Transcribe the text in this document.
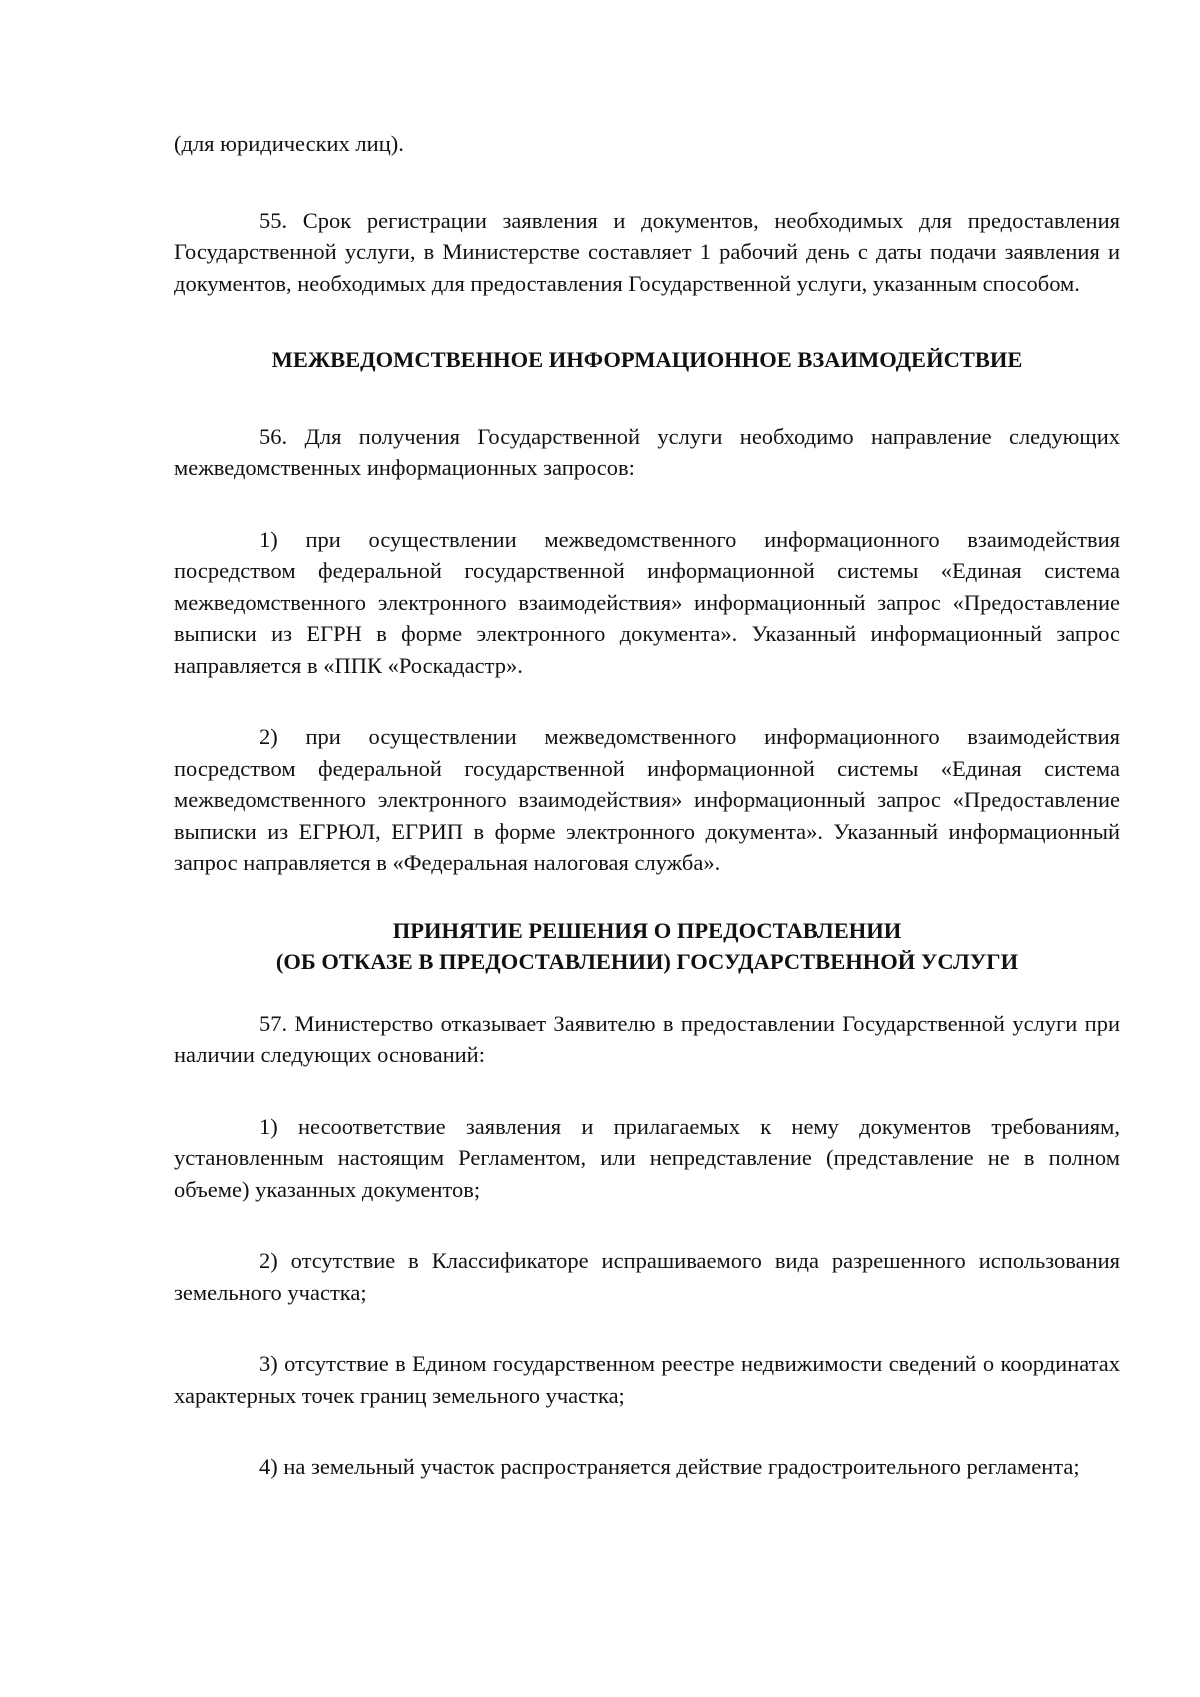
(для юридических лиц).

55. Срок регистрации заявления и документов, необходимых для предоставления Государственной услуги, в Министерстве составляет 1 рабочий день с даты подачи заявления и документов, необходимых для предоставления Государственной услуги, указанным способом.

МЕЖВЕДОМСТВЕННОЕ ИНФОРМАЦИОННОЕ ВЗАИМОДЕЙСТВИЕ

56. Для получения Государственной услуги необходимо направление следующих межведомственных информационных запросов:

1) при осуществлении межведомственного информационного взаимодействия посредством федеральной государственной информационной системы «Единая система межведомственного электронного взаимодействия» информационный запрос «Предоставление выписки из ЕГРН в форме электронного документа». Указанный информационный запрос направляется в «ППК «Роскадастр».

2) при осуществлении межведомственного информационного взаимодействия посредством федеральной государственной информационной системы «Единая система межведомственного электронного взаимодействия» информационный запрос «Предоставление выписки из ЕГРЮЛ, ЕГРИП в форме электронного документа». Указанный информационный запрос направляется в «Федеральная налоговая служба».

ПРИНЯТИЕ РЕШЕНИЯ О ПРЕДОСТАВЛЕНИИ
(ОБ ОТКАЗЕ В ПРЕДОСТАВЛЕНИИ) ГОСУДАРСТВЕННОЙ УСЛУГИ

57. Министерство отказывает Заявителю в предоставлении Государственной услуги при наличии следующих оснований:

1) несоответствие заявления и прилагаемых к нему документов требованиям, установленным настоящим Регламентом, или непредставление (представление не в полном объеме) указанных документов;

2) отсутствие в Классификаторе испрашиваемого вида разрешенного использования земельного участка;

3) отсутствие в Едином государственном реестре недвижимости сведений о координатах характерных точек границ земельного участка;

4) на земельный участок распространяется действие градостроительного регламента;
